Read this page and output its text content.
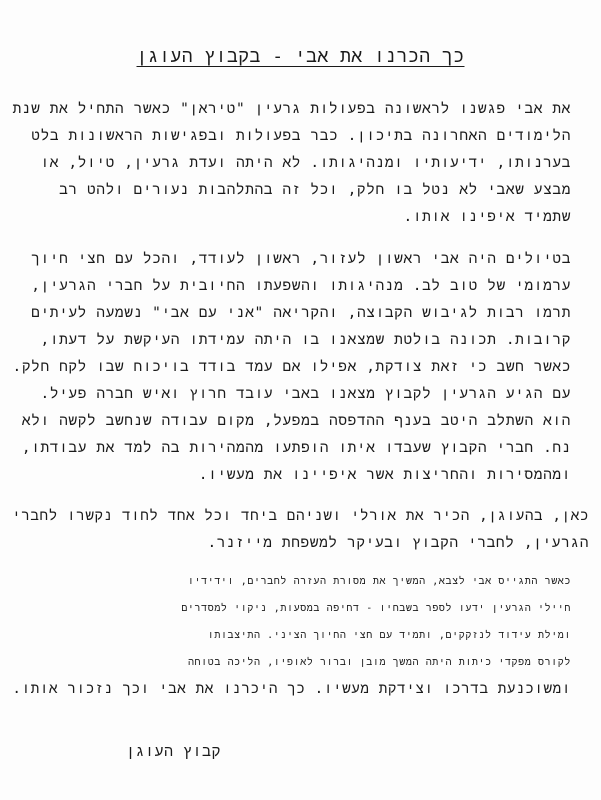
כך הכרנו את אבי - בקבוץ העוגן
את אבי פגשנו לראשונה בפעולות גרעין "טיראן" כאשר התחיל את שנת
הלימודים האחרונה בתיכון. כבר בפעולות ובפגישות הראשונות בלט
בערנותו, ידיעותיו ומנהיגותו. לא היתה ועדת גרעין, טיול, או
מבצע שאבי לא נטל בו חלק, וכל זה בהתלהבות נעורים ולהט רב
שתמיד איפינו אותו.
בטיולים היה אבי ראשון לעזור, ראשון לעודד, והכל עם חצי חיוך
ערמומי של טוב לב. מנהיגותו והשפעתו החיובית על חברי הגרעין,
תרמו רבות לגיבוש הקבוצה, והקריאה "אני עם אבי" נשמעה לעיתים
קרובות. תכונה בולטת שמצאנו בו היתה עמידתו העיקשת על דעתו,
כאשר חשב כי זאת צודקת, אפילו אם עמד בודד בויכוח שבו לקח חלק.
עם הגיע הגרעין לקבוץ מצאנו באבי עובד חרוץ ואיש חברה פעיל.
הוא השתלב היטב בענף ההדפסה במפעל, מקום עבודה שנחשב לקשה ולא
נח. חברי הקבוץ שעבדו איתו הופתעו מהמהירות בה למד את עבודתו,
ומהמסירות והחריצות אשר איפיינו את מעשיו.
כאן, בהעוגן, הכיר את אורלי ושניהם ביחד וכל אחד לחוד נקשרו לחברי
הגרעין, לחברי הקבוץ ובעיקר למשפחת מייזנר.
כאשר התגייס אבי לצבא, המשיך את מסורת העזרה לחברים, וידידיו
חיילי הגרעין ידעו לספר בשבחיו - דחיפה במסעות, ניקוי למסדרים
ומילת עידוד לנזקקים, ותמיד עם חצי החיוך הציני. התיצבותו
לקורס מפקדי כיתות היתה המשך מובן וברור לאופיו, הליכה בטוחה
ומשוכנעת בדרכו וצידקת מעשיו. כך היכרנו את אבי וכך נזכור אותו.
קבוץ העוגן
